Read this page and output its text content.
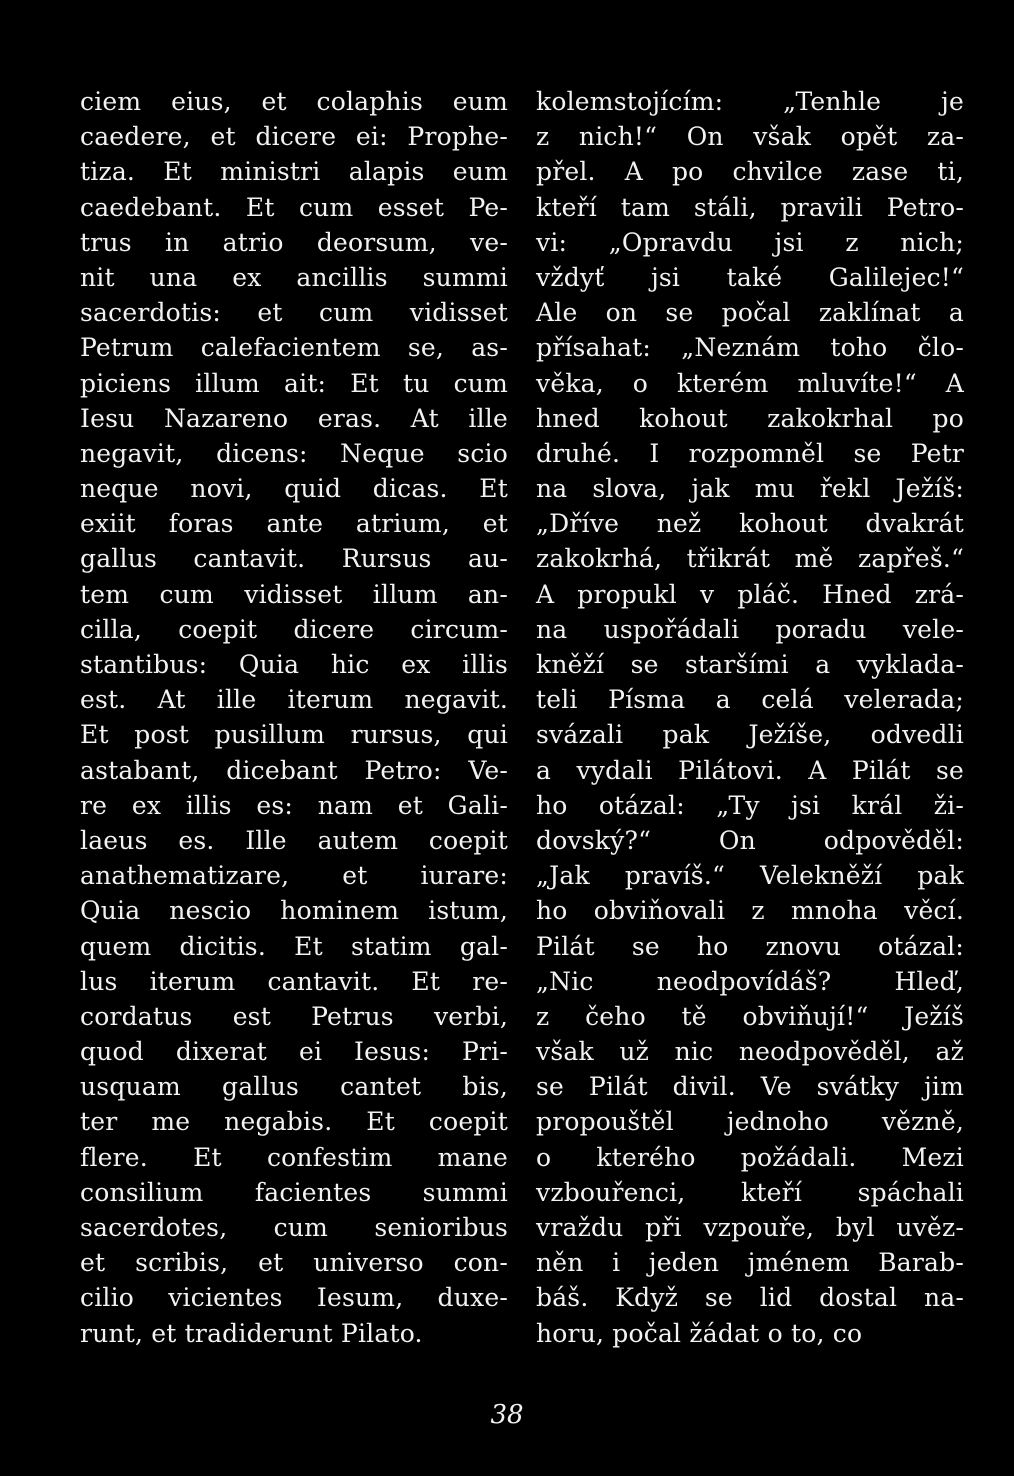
ciem eius, et colaphis eum
caedere, et dicere ei: Prophe-
tiza. Et ministri alapis eum
caedebant. Et cum esset Pe-
trus in atrio deorsum, ve-
nit una ex ancillis summi
sacerdotis: et cum vidisset
Petrum calefacientem se, as-
piciens illum ait: Et tu cum
Iesu Nazareno eras. At ille
negavit, dicens: Neque scio
neque novi, quid dicas. Et
exiit foras ante atrium, et
gallus cantavit. Rursus au-
tem cum vidisset illum an-
cilla, coepit dicere circum-
stantibus: Quia hic ex illis
est. At ille iterum negavit.
Et post pusillum rursus, qui
astabant, dicebant Petro: Ve-
re ex illis es: nam et Gali-
laeus es. Ille autem coepit
anathematizare, et iurare:
Quia nescio hominem istum,
quem dicitis. Et statim gal-
lus iterum cantavit. Et re-
cordatus est Petrus verbi,
quod dixerat ei Iesus: Pri-
usquam gallus cantet bis,
ter me negabis. Et coepit
flere. Et confestim mane
consilium facientes summi
sacerdotes, cum senioribus
et scribis, et universo con-
cilio vicientes Iesum, duxe-
runt, et tradiderunt Pilato.
kolemstojícím: „Tenhle je
z nich!“ On však opět za-
přel. A po chvilce zase ti,
kteří tam stáli, pravili Petro-
vi: „Opravdu jsi z nich;
vždyť jsi také Galilejec!“
Ale on se počal zaklínat a
přísahat: „Neznám toho člo-
věka, o kterém mluvíte!“ A
hned kohout zakokrhal po
druhé. I rozpomněl se Petr
na slova, jak mu řekl Ježíš:
„Dříve než kohout dvakrát
zakokrhá, třikrát mě zapřeš.“
A propukl v pláč. Hned zrá-
na uspořádali poradu vele-
kněží se staršími a vyklada-
teli Písma a celá velerada;
svázali pak Ježíše, odvedli
a vydali Pilátovi. A Pilát se
ho otázal: „Ty jsi král ži-
dovský?“ On odpověděl:
„Jak pravíš.“ Velekněží pak
ho obviňovali z mnoha věcí.
Pilát se ho znovu otázal:
„Nic neodpovídáš? Hleď,
z čeho tě obviňují!“ Ježíš
však už nic neodpověděl, až
se Pilát divil. Ve svátky jim
propouštěl jednoho vězně,
o kterého požádali. Mezi
vzbouřenci, kteří spáchali
vraždu při vzpouře, byl uvěz-
něn i jeden jménem Barab-
báš. Když se lid dostal na-
horu, počal žádat o to, co
38
